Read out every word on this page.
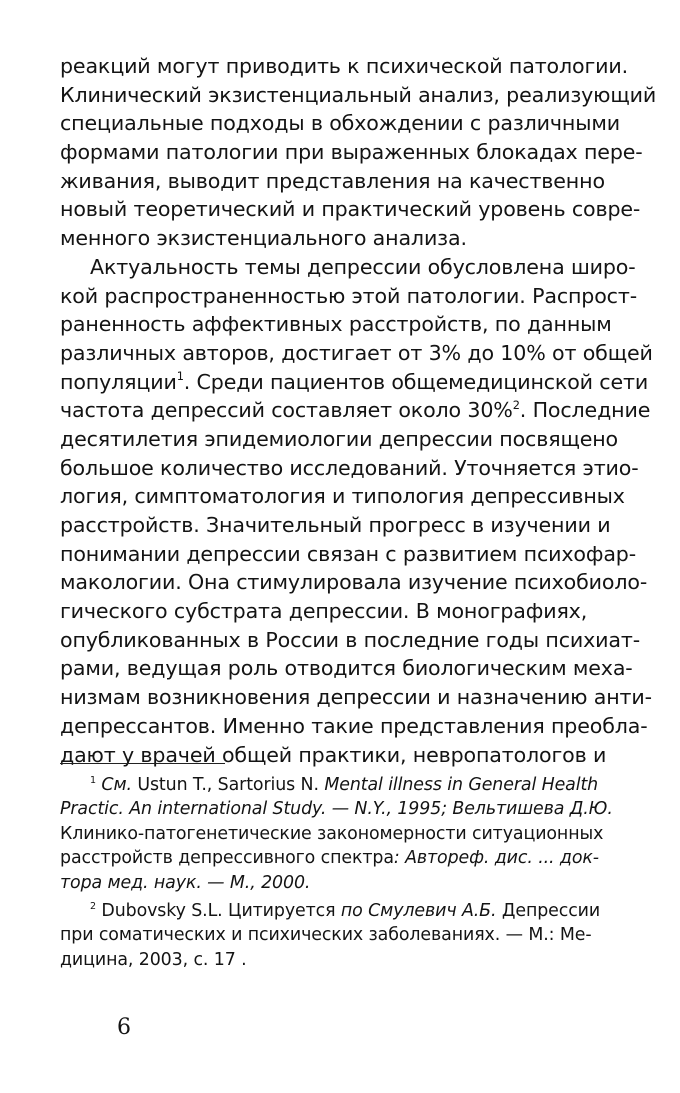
реакций могут приводить к психической патологии.
Клинический экзистенциальный анализ, реализующий
специальные подходы в обхождении с различными
формами патологии при выраженных блокадах пере-
живания, выводит представления на качественно
новый теоретический и практический уровень совре-
менного экзистенциального анализа.
Актуальность темы депрессии обусловлена широ-
кой распространенностью этой патологии. Распрост-
раненность аффективных расстройств, по данным
различных авторов, достигает от 3% до 10% от общей
популяции$^1$. Среди пациентов общемедицинской сети
частота депрессий составляет около 30%$^2$. Последние
десятилетия эпидемиологии депрессии посвящено
большое количество исследований. Уточняется этио-
логия, симптоматология и типология депрессивных
расстройств. Значительный прогресс в изучении и
понимании депрессии связан с развитием психофар-
макологии. Она стимулировала изучение психобиоло-
гического субстрата депрессии. В монографиях,
опубликованных в России в последние годы психиат-
рами, ведущая роль отводится биологическим меха-
низмам возникновения депрессии и назначению анти-
депрессантов. Именно такие представления преобла-
дают у врачей общей практики, невропатологов и
$^1$ См. Ustun T., Sartorius N. Mental illness in General Health
Practic. An international Study. — N.Y., 1995; Вельтишева Д.Ю.
Клинико-патогенетические закономерности ситуационных
расстройств депрессивного спектра: Автореф. дис. ... док-
тора мед. наук. — М., 2000.
$^2$ Dubovsky S.L. Цитируется по Смулевич А.Б. Депрессии
при соматических и психических заболеваниях. — М.: Ме-
дицина, 2003, с. 17 .
6
